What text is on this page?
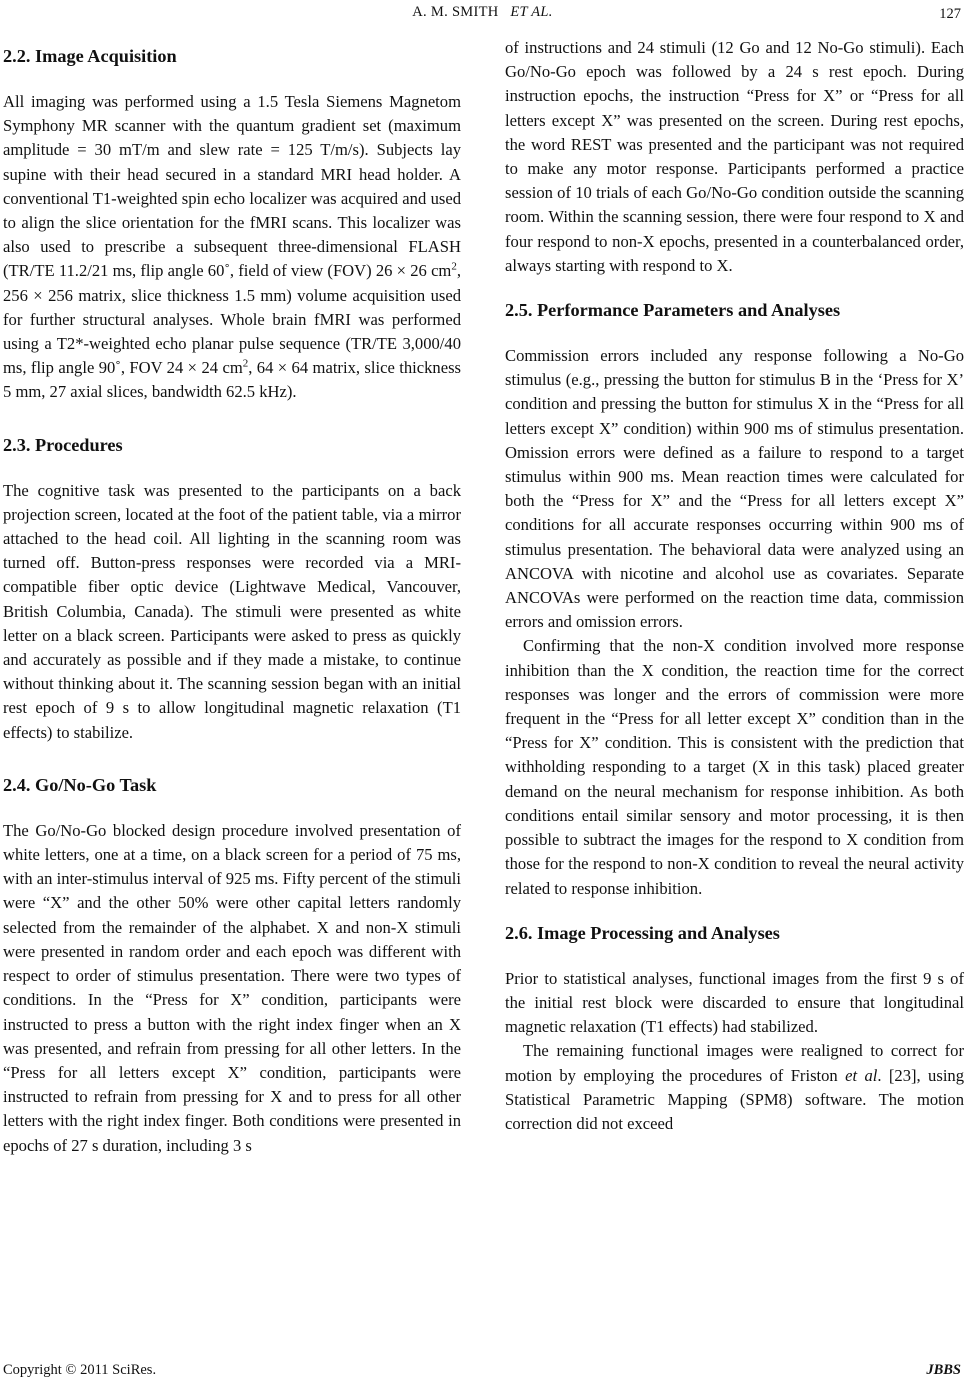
A. M. SMITH ET AL.	127
2.2. Image Acquisition

All imaging was performed using a 1.5 Tesla Siemens Magnetom Symphony MR scanner with the quantum gradient set (maximum amplitude = 30 mT/m and slew rate = 125 T/m/s). Subjects lay supine with their head secured in a standard MRI head holder. A conventional T1-weighted spin echo localizer was acquired and used to align the slice orientation for the fMRI scans. This localizer was also used to prescribe a subsequent three-dimensional FLASH (TR/TE 11.2/21 ms, flip angle 60˚, field of view (FOV) 26 × 26 $cm^2$, 256 × 256 matrix, slice thickness 1.5 mm) volume acquisition used for further structural analyses. Whole brain fMRI was performed using a T2*-weighted echo planar pulse sequence (TR/TE 3,000/40 ms, flip angle 90˚, FOV 24 × 24 $cm^2$, 64 × 64 matrix, slice thickness 5 mm, 27 axial slices, bandwidth 62.5 kHz).

2.3. Procedures

The cognitive task was presented to the participants on a back projection screen, located at the foot of the patient table, via a mirror attached to the head coil. All lighting in the scanning room was turned off. Button-press responses were recorded via a MRI-compatible fiber optic device (Lightwave Medical, Vancouver, British Columbia, Canada). The stimuli were presented as white letter on a black screen. Participants were asked to press as quickly and accurately as possible and if they made a mistake, to continue without thinking about it. The scanning session began with an initial rest epoch of 9 s to allow longitudinal magnetic relaxation (T1 effects) to stabilize.

2.4. Go/No-Go Task

The Go/No-Go blocked design procedure involved presentation of white letters, one at a time, on a black screen for a period of 75 ms, with an inter-stimulus interval of 925 ms. Fifty percent of the stimuli were “X” and the other 50% were other capital letters randomly selected from the remainder of the alphabet. X and non-X stimuli were presented in random order and each epoch was different with respect to order of stimulus presentation. There were two types of conditions. In the “Press for X” condition, participants were instructed to press a button with the right index finger when an X was presented, and refrain from pressing for all other letters. In the “Press for all letters except X” condition, participants were instructed to refrain from pressing for X and to press for all other letters with the right index finger. Both conditions were presented in epochs of 27 s duration, including 3 s

of instructions and 24 stimuli (12 Go and 12 No-Go stimuli). Each Go/No-Go epoch was followed by a 24 s rest epoch. During instruction epochs, the instruction “Press for X” or “Press for all letters except X” was presented on the screen. During rest epochs, the word REST was presented and the participant was not required to make any motor response. Participants performed a practice session of 10 trials of each Go/No-Go condition outside the scanning room. Within the scanning session, there were four respond to X and four respond to non-X epochs, presented in a counterbalanced order, always starting with respond to X.

2.5. Performance Parameters and Analyses

Commission errors included any response following a No-Go stimulus (e.g., pressing the button for stimulus B in the ‘Press for X’ condition and pressing the button for stimulus X in the “Press for all letters except X” condition) within 900 ms of stimulus presentation. Omission errors were defined as a failure to respond to a target stimulus within 900 ms. Mean reaction times were calculated for both the “Press for X” and the “Press for all letters except X” conditions for all accurate responses occurring within 900 ms of stimulus presentation. The behavioral data were analyzed using an ANCOVA with nicotine and alcohol use as covariates. Separate ANCOVAs were performed on the reaction time data, commission errors and omission errors.

Confirming that the non-X condition involved more response inhibition than the X condition, the reaction time for the correct responses was longer and the errors of commission were more frequent in the “Press for all letter except X” condition than in the “Press for X” condition. This is consistent with the prediction that withholding responding to a target (X in this task) placed greater demand on the neural mechanism for response inhibition. As both conditions entail similar sensory and motor processing, it is then possible to subtract the images for the respond to X condition from those for the respond to non-X condition to reveal the neural activity related to response inhibition.

2.6. Image Processing and Analyses

Prior to statistical analyses, functional images from the first 9 s of the initial rest block were discarded to ensure that longitudinal magnetic relaxation (T1 effects) had stabilized.

The remaining functional images were realigned to correct for motion by employing the procedures of Friston et al. [23], using Statistical Parametric Mapping (SPM8) software. The motion correction did not exceed

Copyright © 2011 SciRes.	JBBS
